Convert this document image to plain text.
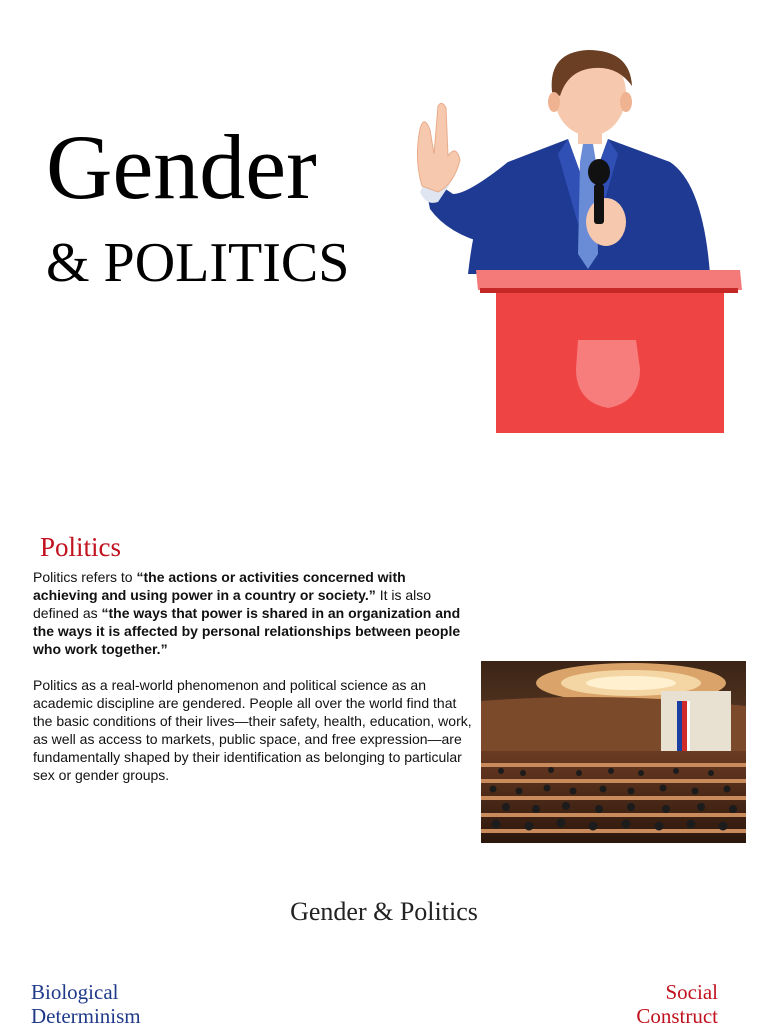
Gender
& POLITICS
Politics

Politics refers to “the actions or activities concerned with achieving and using power in a country or society.” It is also defined as “the ways that power is shared in an organization and the ways it is affected by personal relationships between people who work together.”

Politics as a real-world phenomenon and political science as an academic discipline are gendered. People all over the world find that the basic conditions of their lives—their safety, health, education, work, as well as access to markets, public space, and free expression—are fundamentally shaped by their identification as belonging to particular sex or gender groups.

Gender & Politics
Biological
Determinism
Social
Construct
